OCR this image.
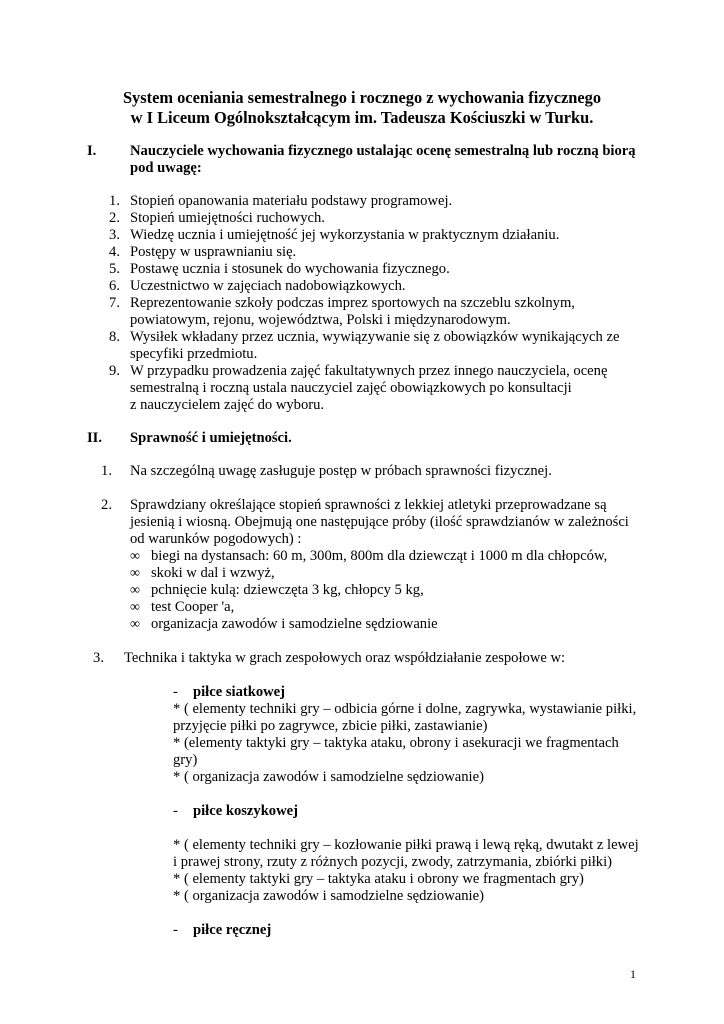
System oceniania semestralnego i rocznego z wychowania fizycznego
w I Liceum Ogólnokształcącym im. Tadeusza Kościuszki w Turku.
I. Nauczyciele wychowania fizycznego ustalając ocenę semestralną lub roczną biorą
pod uwagę:
1. Stopień opanowania materiału podstawy programowej.
2. Stopień umiejętności ruchowych.
3. Wiedzę ucznia i umiejętność jej wykorzystania w praktycznym działaniu.
4. Postępy w usprawnianiu się.
5. Postawę ucznia i stosunek do wychowania fizycznego.
6. Uczestnictwo w zajęciach nadobowiązkowych.
7. Reprezentowanie szkoły podczas imprez sportowych na szczeblu szkolnym,
powiatowym, rejonu, województwa, Polski i międzynarodowym.
8. Wysiłek wkładany przez ucznia, wywiązywanie się z obowiązków wynikających ze
specyfiki przedmiotu.
9. W przypadku prowadzenia zajęć fakultatywnych przez innego nauczyciela, ocenę
semestralną i roczną ustala nauczyciel zajęć obowiązkowych po konsultacji
z nauczycielem zajęć do wyboru.
II. Sprawność i umiejętności.
1. Na szczególną uwagę zasługuje postęp w próbach sprawności fizycznej.
2. Sprawdziany określające stopień sprawności z lekkiej atletyki przeprowadzane są
jesienią i wiosną. Obejmują one następujące próby (ilość sprawdzianów w zależności
od warunków pogodowych) :
∞ biegi na dystansach: 60 m, 300m, 800m dla dziewcząt i 1000 m dla chłopców,
∞ skoki w dal i wzwyż,
∞ pchnięcie kulą: dziewczęta 3 kg, chłopcy 5 kg,
∞ test Cooper 'a,
∞ organizacja zawodów i samodzielne sędziowanie
3. Technika i taktyka w grach zespołowych oraz współdziałanie zespołowe w:
- piłce siatkowej
* ( elementy techniki gry – odbicia górne i dolne, zagrywka, wystawianie piłki,
przyjęcie piłki po zagrywce, zbicie piłki, zastawianie)
* (elementy taktyki gry – taktyka ataku, obrony i asekuracji we fragmentach
gry)
* ( organizacja zawodów i samodzielne sędziowanie)
- piłce koszykowej
* ( elementy techniki gry – kozłowanie piłki prawą i lewą ręką, dwutakt z lewej
i prawej strony, rzuty z różnych pozycji, zwody, zatrzymania, zbiórki piłki)
* ( elementy taktyki gry – taktyka ataku i obrony we fragmentach gry)
* ( organizacja zawodów i samodzielne sędziowanie)
- piłce ręcznej
1
